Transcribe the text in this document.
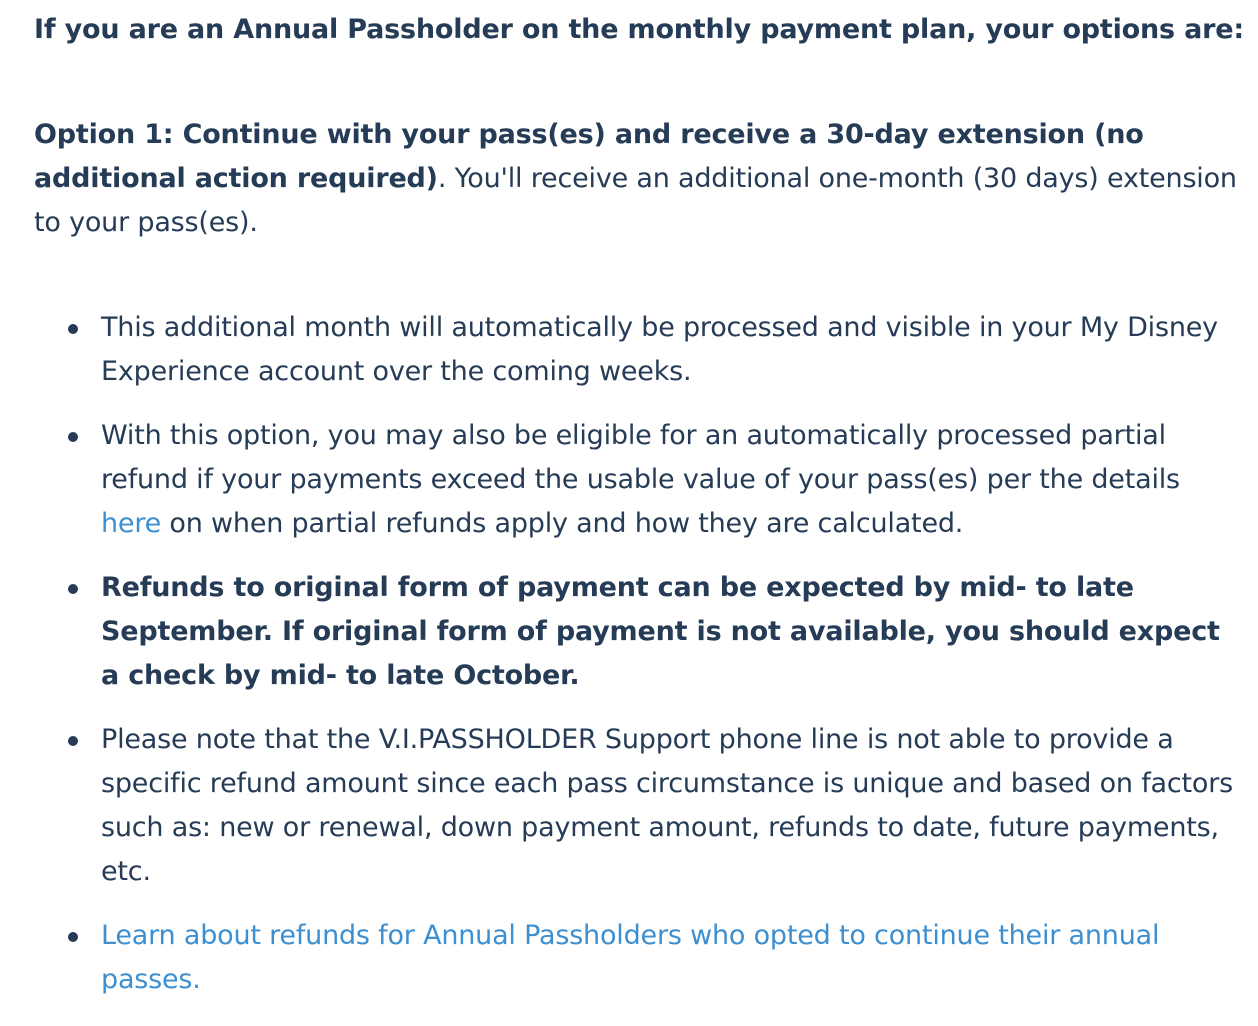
If you are an Annual Passholder on the monthly payment plan, your options are:

Option 1: Continue with your pass(es) and receive a 30-day extension (no additional action required). You'll receive an additional one-month (30 days) extension to your pass(es).

This additional month will automatically be processed and visible in your My Disney Experience account over the coming weeks.
With this option, you may also be eligible for an automatically processed partial refund if your payments exceed the usable value of your pass(es) per the details here on when partial refunds apply and how they are calculated.
Refunds to original form of payment can be expected by mid- to late September. If original form of payment is not available, you should expect a check by mid- to late October.
Please note that the V.I.PASSHOLDER Support phone line is not able to provide a specific refund amount since each pass circumstance is unique and based on factors such as: new or renewal, down payment amount, refunds to date, future payments, etc.
Learn about refunds for Annual Passholders who opted to continue their annual passes.
